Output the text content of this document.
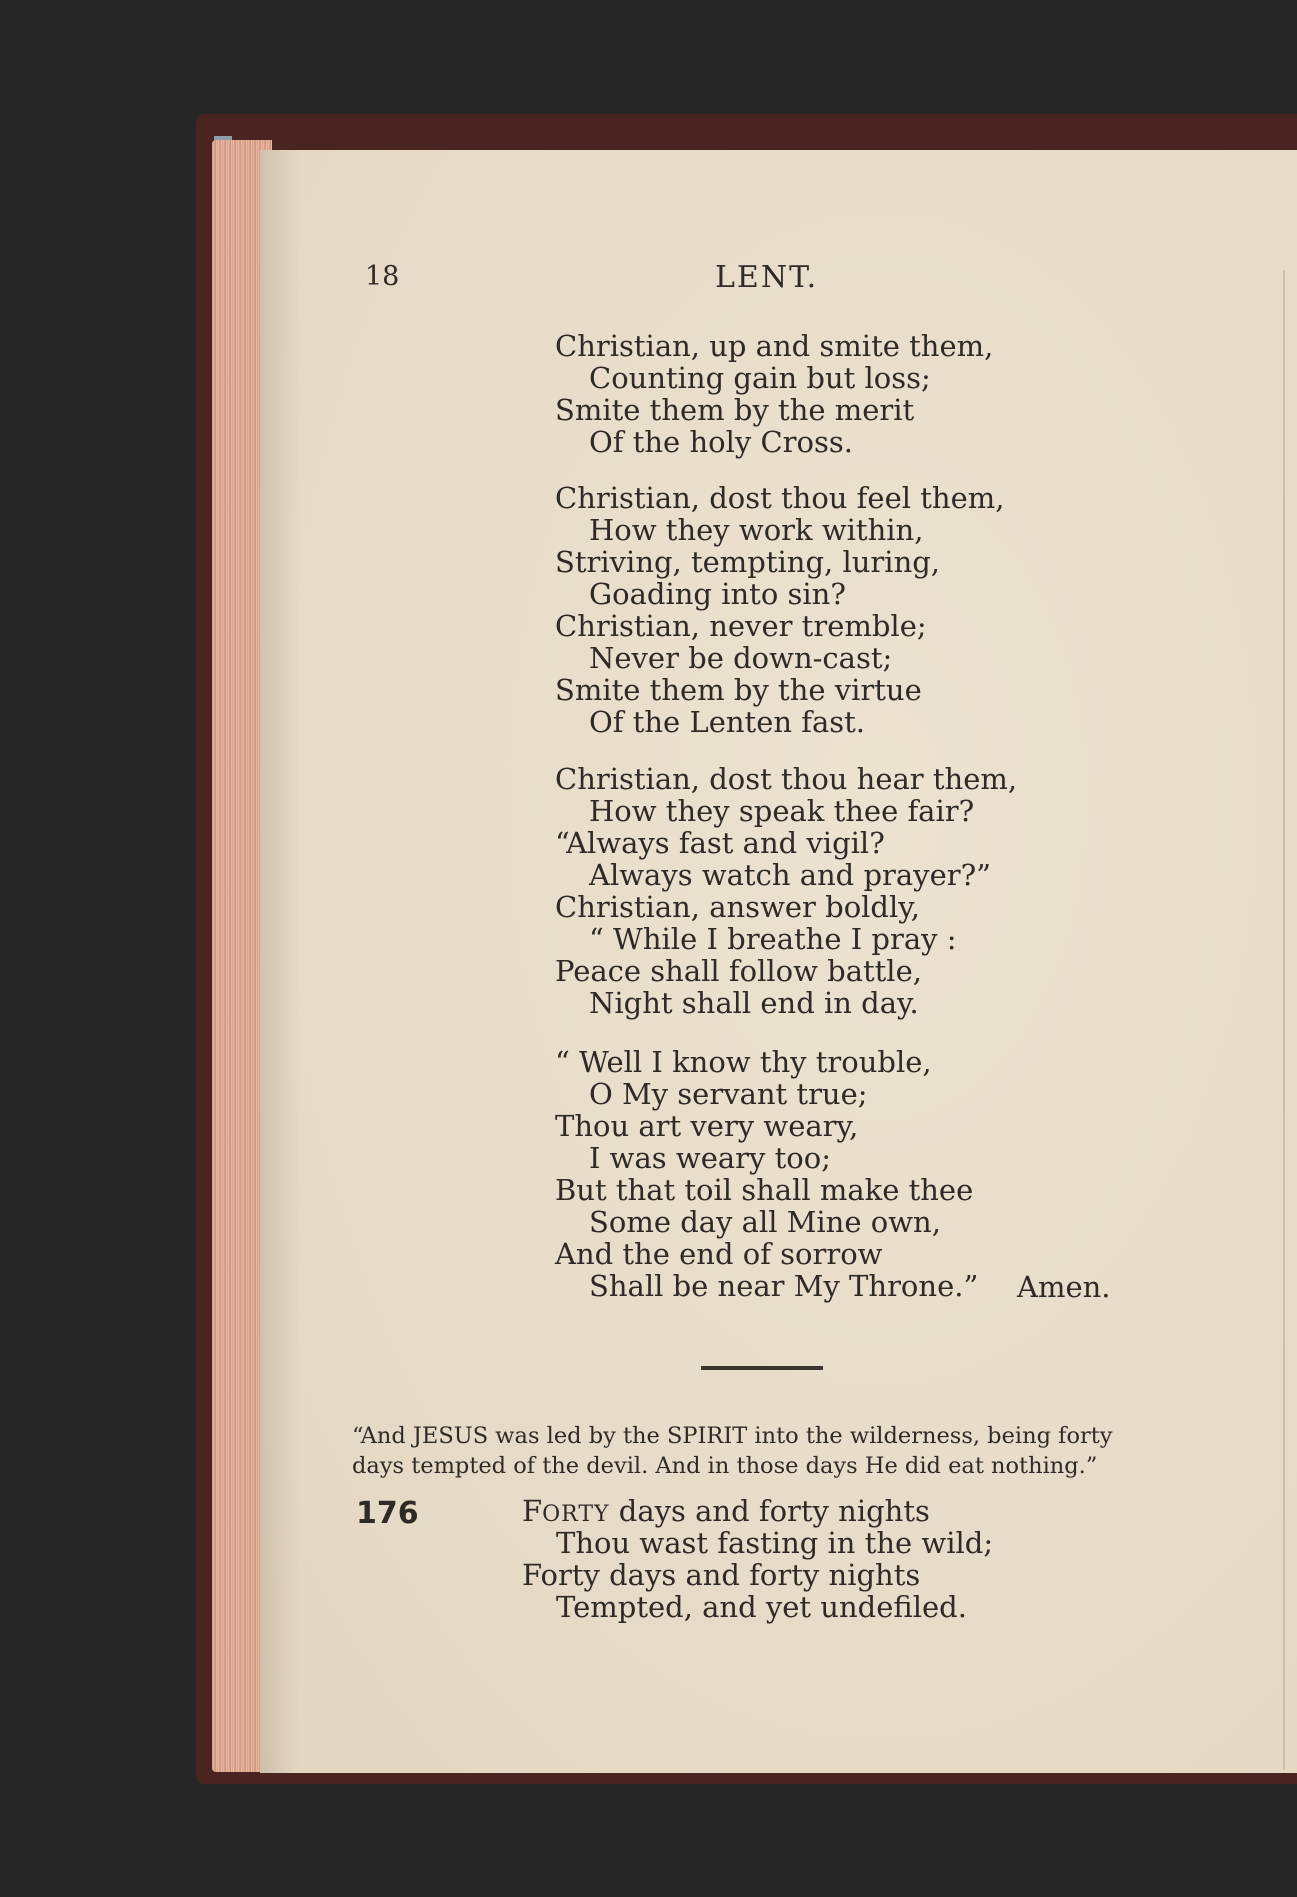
18	LENT.
Christian, up and smite them,
Counting gain but loss;
Smite them by the merit
Of the holy Cross.
Christian, dost thou feel them,
How they work within,
Striving, tempting, luring,
Goading into sin?
Christian, never tremble;
Never be down-cast;
Smite them by the virtue
Of the Lenten fast.
Christian, dost thou hear them,
How they speak thee fair?
“Always fast and vigil?
Always watch and prayer?”
Christian, answer boldly,
“ While I breathe I pray :
Peace shall follow battle,
Night shall end in day.
“ Well I know thy trouble,
O My servant true;
Thou art very weary,
I was weary too;
But that toil shall make thee
Some day all Mine own,
And the end of sorrow
Shall be near My Throne.” Amen.
“And JESUS was led by the SPIRIT into the wilderness, being forty
days tempted of the devil. And in those days He did eat nothing.”
176	FORTY days and forty nights
Thou wast fasting in the wild;
Forty days and forty nights
Tempted, and yet undefiled.
